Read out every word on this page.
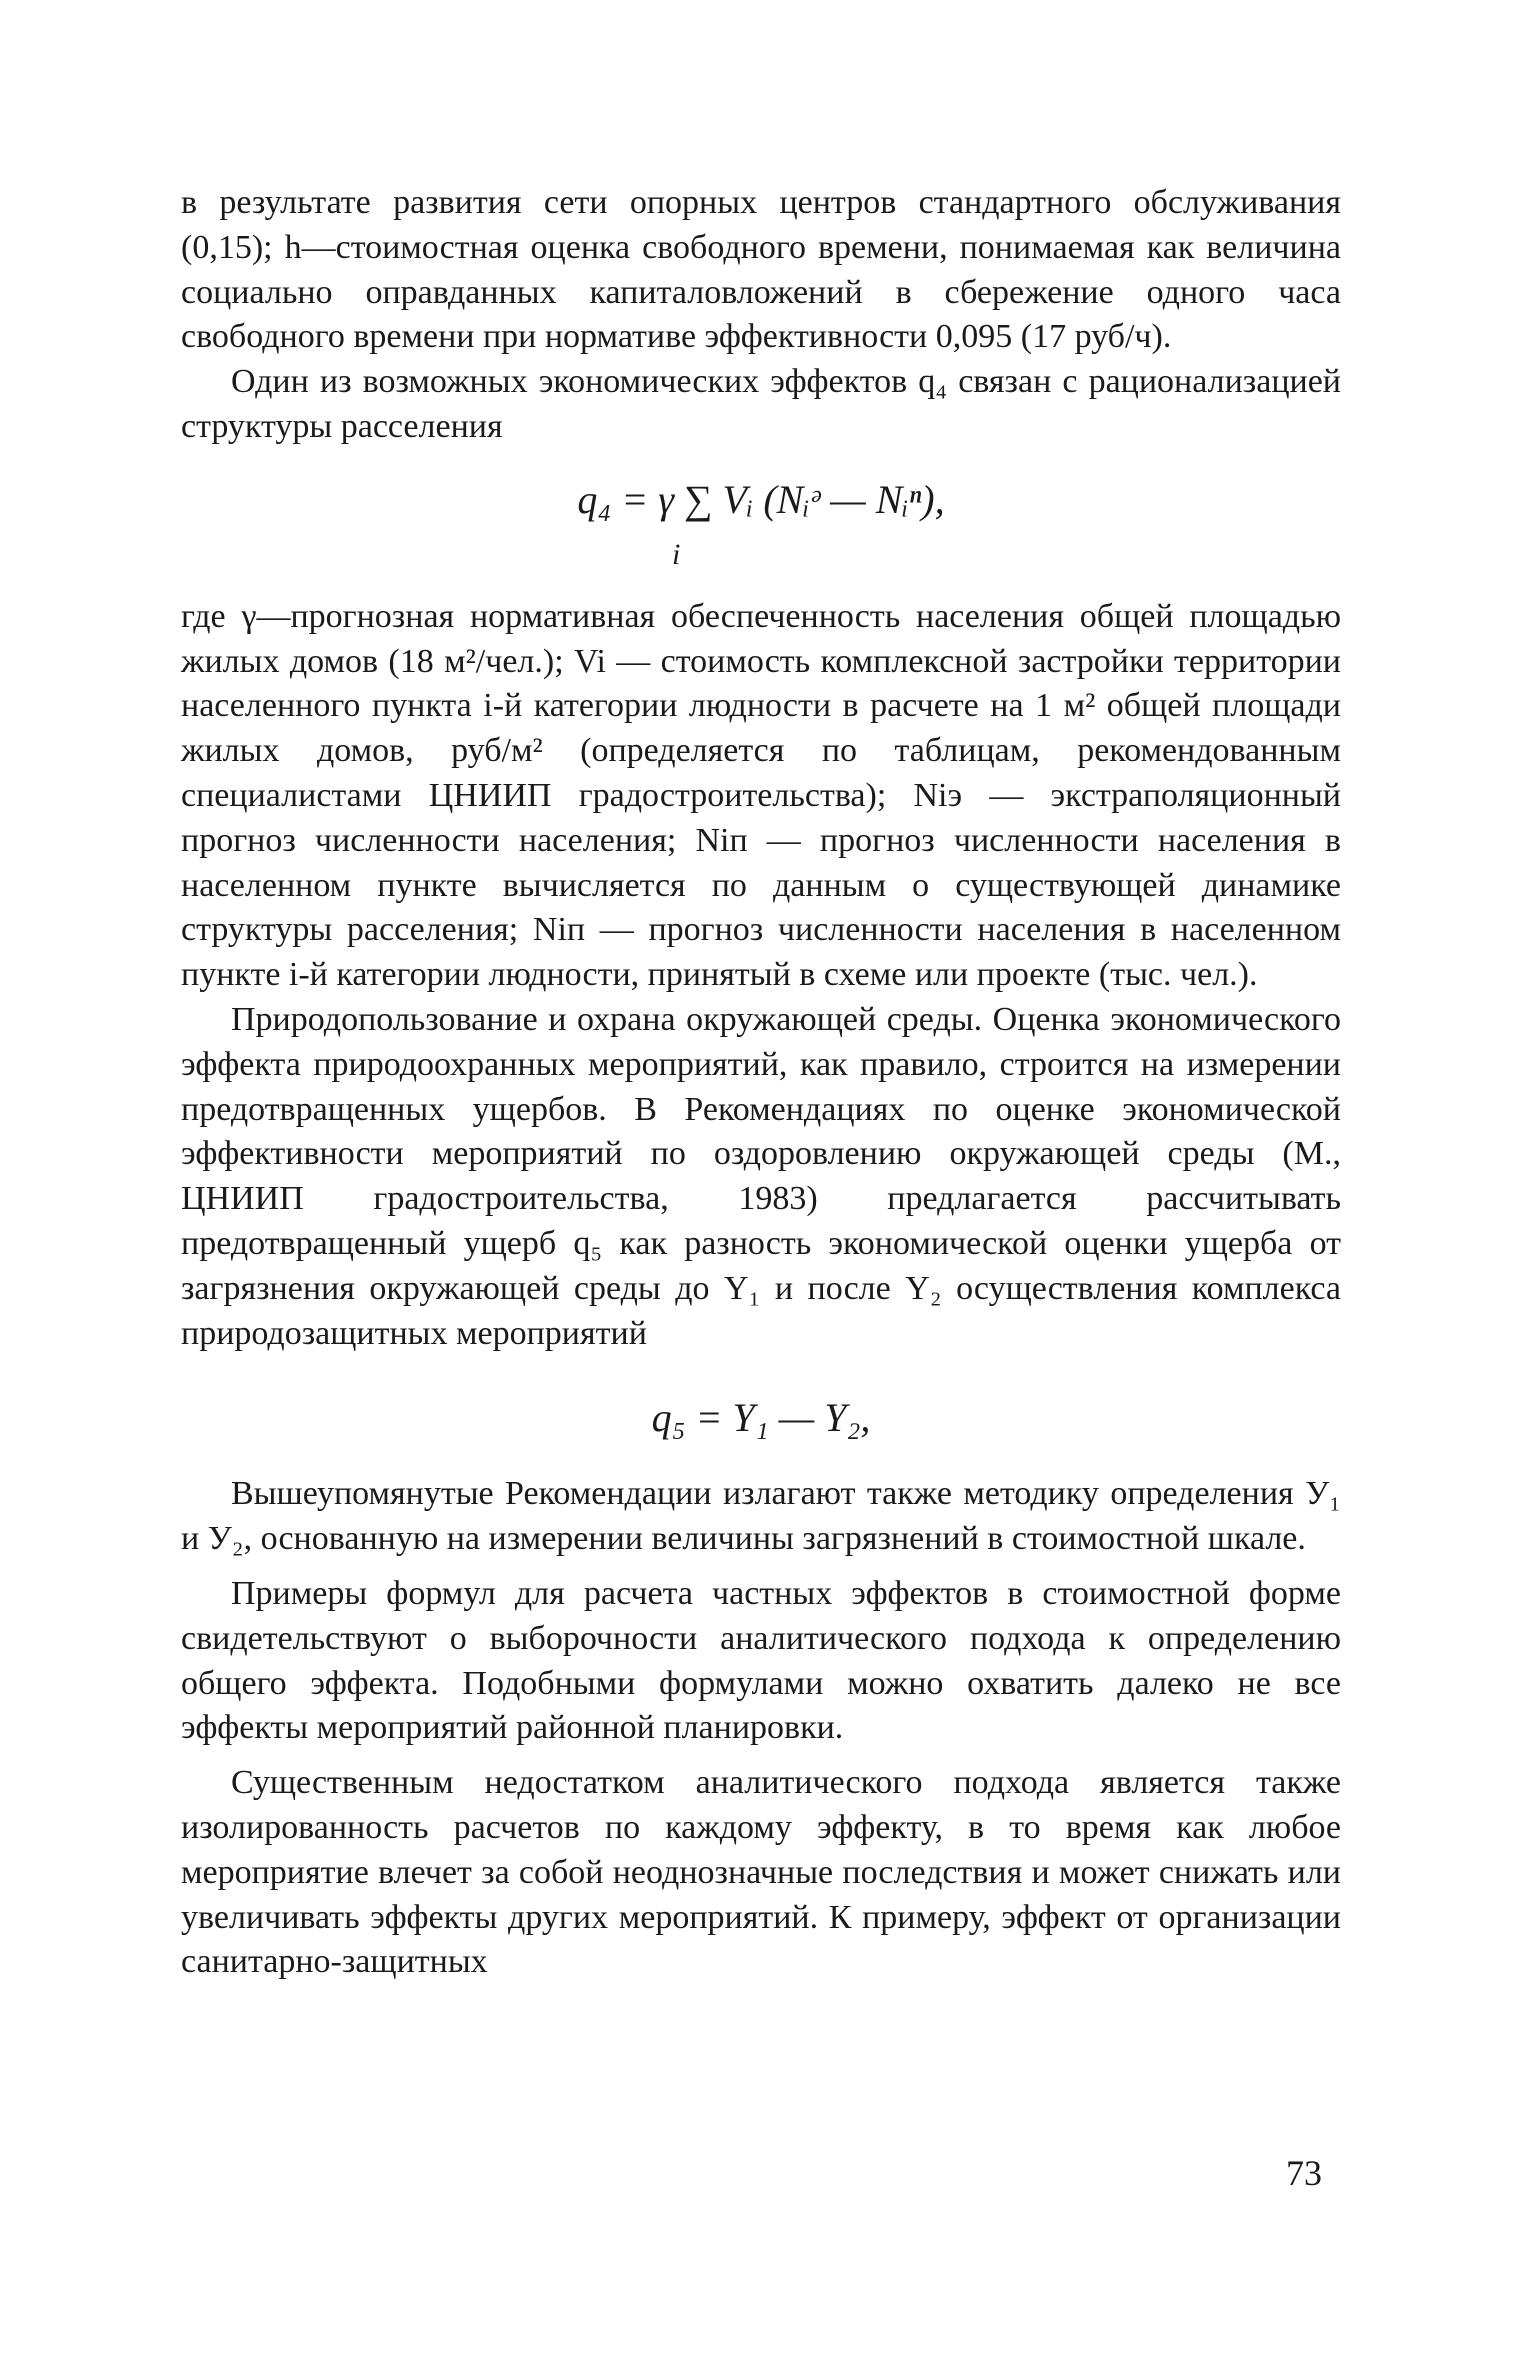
в результате развития сети опорных центров стандартного обслуживания (0,15); h—стоимостная оценка свободного времени, понимаемая как величина социально оправданных капиталовложений в сбережение одного часа свободного времени при нормативе эффективности 0,095 (17 руб/ч).

Один из возможных экономических эффектов q₄ связан с рационализацией структуры расселения

q₄ = γ ∑ Vᵢ (Nᵢᵊ — Nᵢⁿ),
i

где γ—прогнозная нормативная обеспеченность населения общей площадью жилых домов (18 м²/чел.); Vi — стоимость комплексной застройки территории населенного пункта i-й категории людности в расчете на 1 м² общей площади жилых домов, руб/м² (определяется по таблицам, рекомендованным специалистами ЦНИИП градостроительства); Niэ — экстраполяционный прогноз численности населения; Niп — прогноз численности населения в населенном пункте вычисляется по данным о существующей динамике структуры расселения; Niп — прогноз численности населения в населенном пункте i-й категории людности, принятый в схеме или проекте (тыс. чел.).

Природопользование и охрана окружающей среды. Оценка экономического эффекта природоохранных мероприятий, как правило, строится на измерении предотвращенных ущербов. В Рекомендациях по оценке экономической эффективности мероприятий по оздоровлению окружающей среды (М., ЦНИИП градостроительства, 1983) предлагается рассчитывать предотвращенный ущерб q₅ как разность экономической оценки ущерба от загрязнения окружающей среды до Y₁ и после Y₂ осуществления комплекса природозащитных мероприятий

q₅ = Y₁ — Y₂,

Вышеупомянутые Рекомендации излагают также методику определения У₁ и У₂, основанную на измерении величины загрязнений в стоимостной шкале.

Примеры формул для расчета частных эффектов в стоимостной форме свидетельствуют о выборочности аналитического подхода к определению общего эффекта. Подобными формулами можно охватить далеко не все эффекты мероприятий районной планировки.

Существенным недостатком аналитического подхода является также изолированность расчетов по каждому эффекту, в то время как любое мероприятие влечет за собой неоднозначные последствия и может снижать или увеличивать эффекты других мероприятий. К примеру, эффект от организации санитарно-защитных

73
